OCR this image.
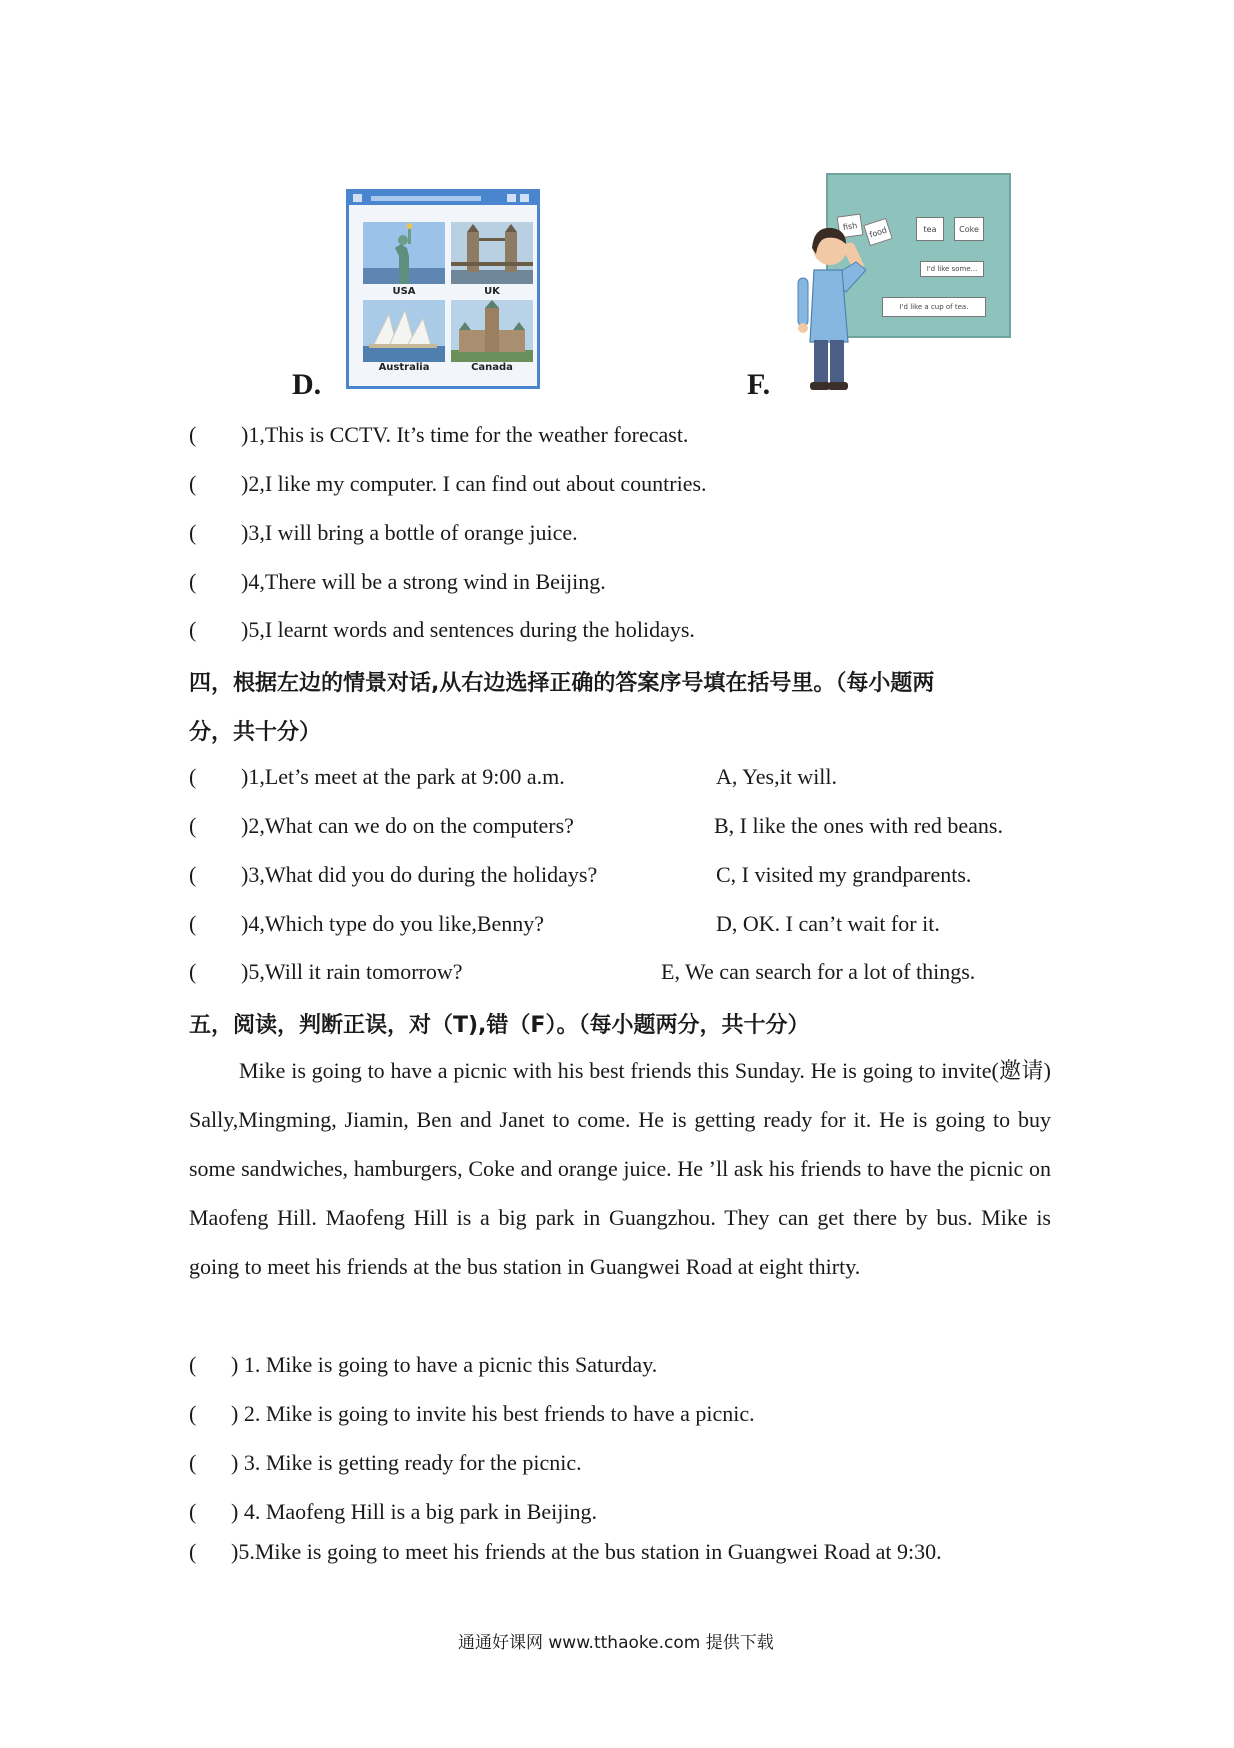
USA	UK
Australia	Canada
D.
fish	food	tea	Coke
I'd like some...
I'd like a cup of tea.
F.
( )1,This is CCTV. It’s time for the weather forecast.
( )2,I like my computer. I can find out about countries.
( )3,I will bring a bottle of orange juice.
( )4,There will be a strong wind in Beijing.
( )5,I learnt words and sentences during the holidays.
四，根据左边的情景对话,从右边选择正确的答案序号填在括号里。（每小题两
分，共十分）
( )1,Let’s meet at the park at 9:00 a.m.
( )2,What can we do on the computers?
( )3,What did you do during the holidays?
( )4,Which type do you like,Benny?
( )5,Will it rain tomorrow?
A, Yes,it will.
B, I like the ones with red beans.
C, I visited my grandparents.
D, OK. I can’t wait for it.
E, We can search for a lot of things.
五，阅读，判断正误，对（T),错（F）。（每小题两分，共十分）

Mike is going to have a picnic with his best friends this Sunday. He is going to invite(邀请) Sally,Mingming, Jiamin, Ben and Janet to come. He is getting ready for it. He is going to buy some sandwiches, hamburgers, Coke and orange juice. He ’ll ask his friends to have the picnic on Maofeng Hill. Maofeng Hill is a big park in Guangzhou. They can get there by bus. Mike is going to meet his friends at the bus station in Guangwei Road at eight thirty.

( ) 1. Mike is going to have a picnic this Saturday.
( ) 2. Mike is going to invite his best friends to have a picnic.
( ) 3. Mike is getting ready for the picnic.
( ) 4. Maofeng Hill is a big park in Beijing.
( )5.Mike is going to meet his friends at the bus station in Guangwei Road at 9:30.
通通好课网 www.tthaoke.com 提供下载
